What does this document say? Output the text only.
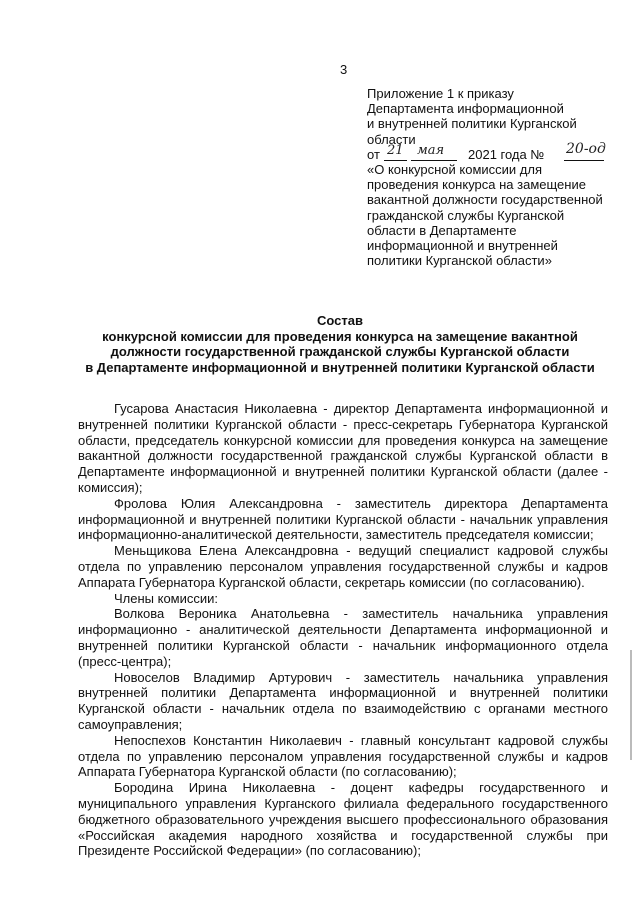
3
Приложение 1 к приказу
Департамента информационной
и внутренней политики Курганской
области
от 21 мая 2021 года № 20-од
«О конкурсной комиссии для
проведения конкурса на замещение
вакантной должности государственной
гражданской службы Курганской
области в Департаменте
информационной и внутренней
политики Курганской области»
Состав
конкурсной комиссии для проведения конкурса на замещение вакантной
должности государственной гражданской службы Курганской области
в Департаменте информационной и внутренней политики Курганской области

Гусарова Анастасия Николаевна - директор Департамента информационной и внутренней политики Курганской области - пресс-секретарь Губернатора Курганской области, председатель конкурсной комиссии для проведения конкурса на замещение вакантной должности государственной гражданской службы Курганской области в Департаменте информационной и внутренней политики Курганской области (далее - комиссия);

Фролова Юлия Александровна - заместитель директора Департамента информационной и внутренней политики Курганской области - начальник управления информационно-аналитической деятельности, заместитель председателя комиссии;

Меньщикова Елена Александровна - ведущий специалист кадровой службы отдела по управлению персоналом управления государственной службы и кадров Аппарата Губернатора Курганской области, секретарь комиссии (по согласованию).

Члены комиссии:

Волкова Вероника Анатольевна - заместитель начальника управления информационно - аналитической деятельности Департамента информационной и внутренней политики Курганской области - начальник информационного отдела (пресс-центра);

Новоселов Владимир Артурович - заместитель начальника управления внутренней политики Департамента информационной и внутренней политики Курганской области - начальник отдела по взаимодействию с органами местного самоуправления;

Непоспехов Константин Николаевич - главный консультант кадровой службы отдела по управлению персоналом управления государственной службы и кадров Аппарата Губернатора Курганской области (по согласованию);

Бородина Ирина Николаевна - доцент кафедры государственного и муниципального управления Курганского филиала федерального государственного бюджетного образовательного учреждения высшего профессионального образования «Российская академия народного хозяйства и государственной службы при Президенте Российской Федерации» (по согласованию);
